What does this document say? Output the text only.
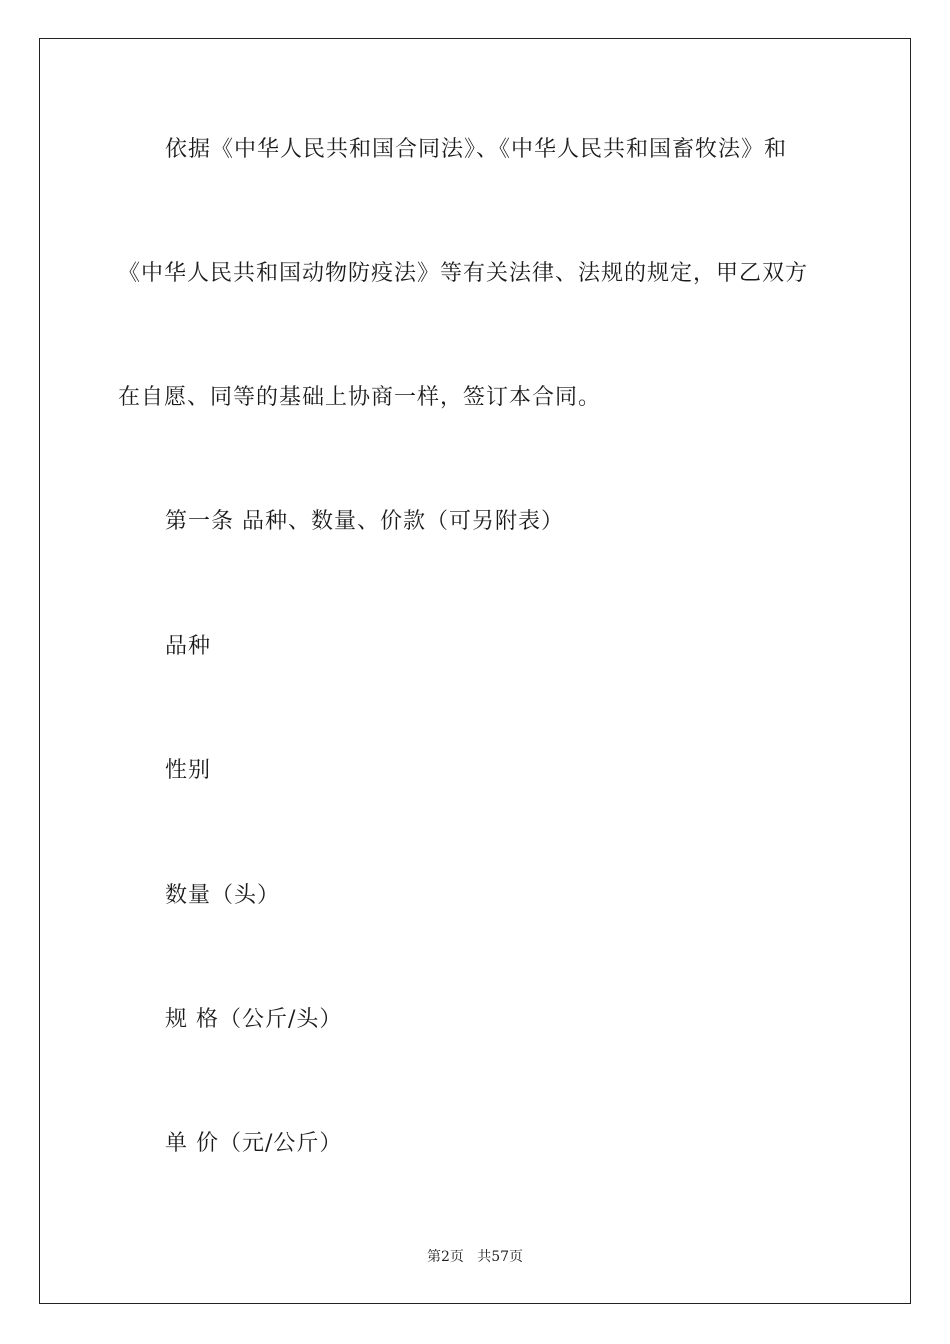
依据《中华人民共和国合同法》、《中华人民共和国畜牧法》和
《中华人民共和国动物防疫法》等有关法律、法规的规定，甲乙双方
在自愿、同等的基础上协商一样，签订本合同。
第一条 品种、数量、价款（可另附表）
品种
性别
数量（头）
规 格（公斤/头）
单 价（元/公斤）
第2页   共57页
